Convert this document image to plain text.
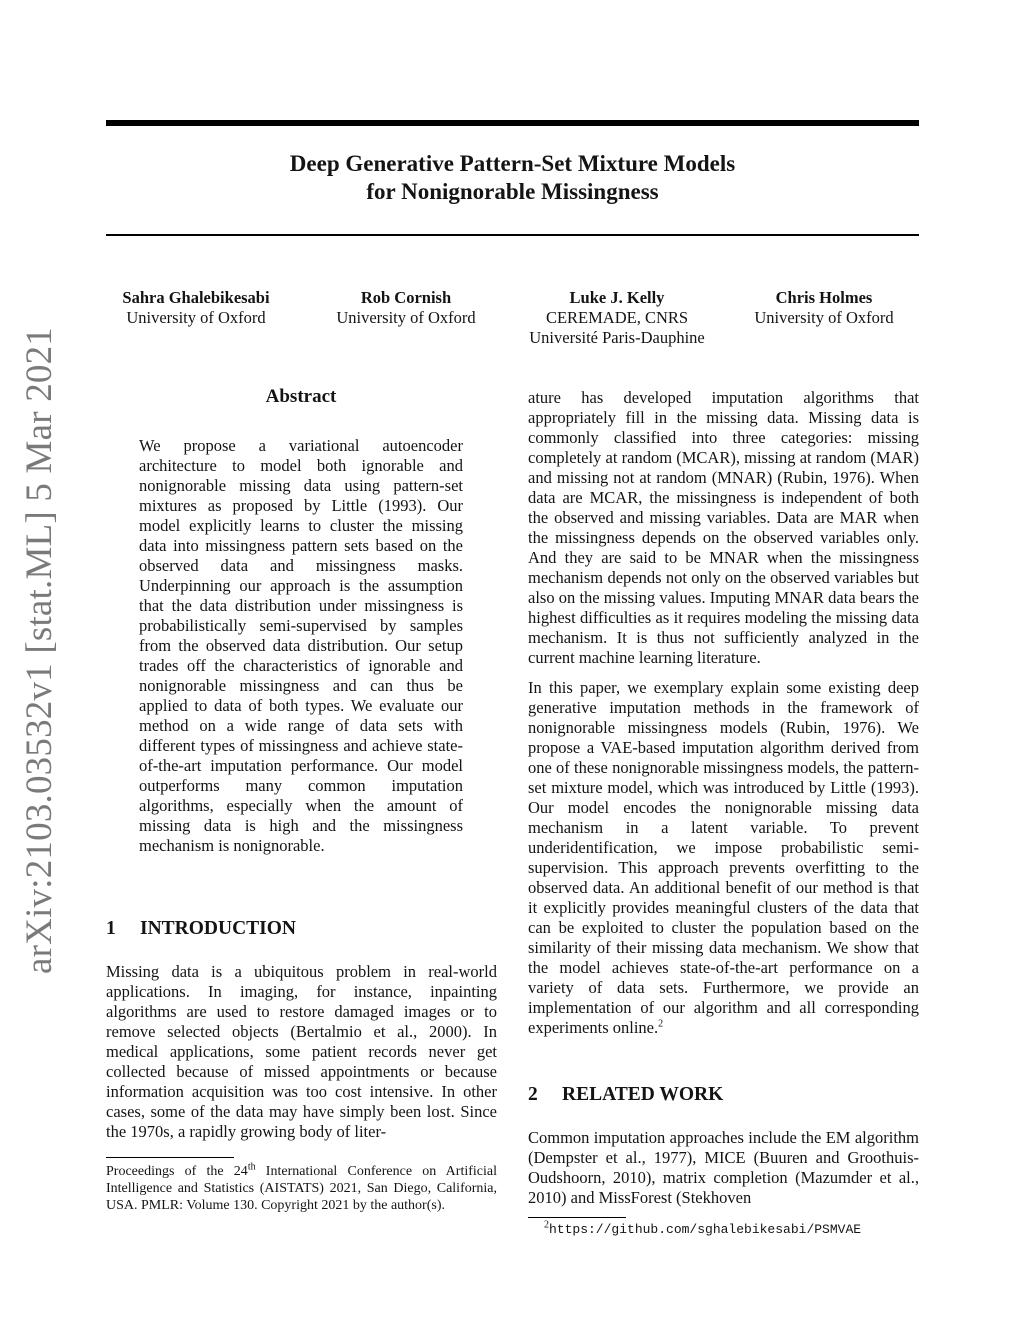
arXiv:2103.03532v1 [stat.ML] 5 Mar 2021
Deep Generative Pattern-Set Mixture Models
for Nonignorable Missingness
Sahra Ghalebikesabi
University of Oxford
Rob Cornish
University of Oxford
Luke J. Kelly
CEREMADE, CNRS
Université Paris-Dauphine
Chris Holmes
University of Oxford
Abstract
We propose a variational autoencoder architecture to model both ignorable and nonignorable missing data using pattern-set mixtures as proposed by Little (1993). Our model explicitly learns to cluster the missing data into missingness pattern sets based on the observed data and missingness masks. Underpinning our approach is the assumption that the data distribution under missingness is probabilistically semi-supervised by samples from the observed data distribution. Our setup trades off the characteristics of ignorable and nonignorable missingness and can thus be applied to data of both types. We evaluate our method on a wide range of data sets with different types of missingness and achieve state-of-the-art imputation performance. Our model outperforms many common imputation algorithms, especially when the amount of missing data is high and the missingness mechanism is nonignorable.
1 INTRODUCTION

Missing data is a ubiquitous problem in real-world applications. In imaging, for instance, inpainting algorithms are used to restore damaged images or to remove selected objects (Bertalmio et al., 2000). In medical applications, some patient records never get collected because of missed appointments or because information acquisition was too cost intensive. In other cases, some of the data may have simply been lost. Since the 1970s, a rapidly growing body of liter-

Proceedings of the 24th International Conference on Artificial Intelligence and Statistics (AISTATS) 2021, San Diego, California, USA. PMLR: Volume 130. Copyright 2021 by the author(s).

ature has developed imputation algorithms that appropriately fill in the missing data. Missing data is commonly classified into three categories: missing completely at random (MCAR), missing at random (MAR) and missing not at random (MNAR) (Rubin, 1976). When data are MCAR, the missingness is independent of both the observed and missing variables. Data are MAR when the missingness depends on the observed variables only. And they are said to be MNAR when the missingness mechanism depends not only on the observed variables but also on the missing values. Imputing MNAR data bears the highest difficulties as it requires modeling the missing data mechanism. It is thus not sufficiently analyzed in the current machine learning literature.

In this paper, we exemplary explain some existing deep generative imputation methods in the framework of nonignorable missingness models (Rubin, 1976). We propose a VAE-based imputation algorithm derived from one of these nonignorable missingness models, the pattern-set mixture model, which was introduced by Little (1993). Our model encodes the nonignorable missing data mechanism in a latent variable. To prevent underidentification, we impose probabilistic semi-supervision. This approach prevents overfitting to the observed data. An additional benefit of our method is that it explicitly provides meaningful clusters of the data that can be exploited to cluster the population based on the similarity of their missing data mechanism. We show that the model achieves state-of-the-art performance on a variety of data sets. Furthermore, we provide an implementation of our algorithm and all corresponding experiments online.$^2$

2 RELATED WORK

Common imputation approaches include the EM algorithm (Dempster et al., 1977), MICE (Buuren and Groothuis-Oudshoorn, 2010), matrix completion (Mazumder et al., 2010) and MissForest (Stekhoven

$^2$https://github.com/sghalebikesabi/PSMVAE
